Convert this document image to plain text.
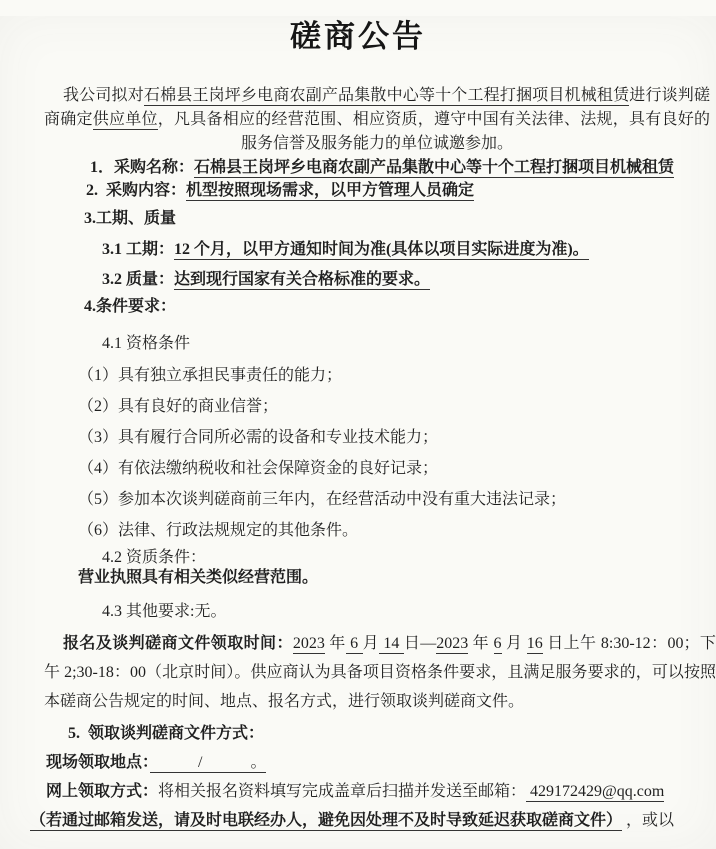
磋商公告

我公司拟对石棉县王岗坪乡电商农副产品集散中心等十个工程打捆项目机械租赁进行谈判磋商确定供应单位，凡具备相应的经营范围、相应资质，遵守中国有关法律、法规，具有良好的服务信誉及服务能力的单位诚邀参加。

1．采购名称：石棉县王岗坪乡电商农副产品集散中心等十个工程打捆项目机械租赁
2. 采购内容：机型按照现场需求，以甲方管理人员确定
3.工期、质量
3.1 工期：12 个月，以甲方通知时间为准(具体以项目实际进度为准)。
3.2 质量：达到现行国家有关合格标准的要求。
4.条件要求：
4.1 资格条件
（1）具有独立承担民事责任的能力；
（2）具有良好的商业信誉；
（3）具有履行合同所必需的设备和专业技术能力；
（4）有依法缴纳税收和社会保障资金的良好记录；
（5）参加本次谈判磋商前三年内，在经营活动中没有重大违法记录；
（6）法律、行政法规规定的其他条件。
4.2 资质条件：
营业执照具有相关类似经营范围。
4.3 其他要求:无。

报名及谈判磋商文件领取时间：2023 年 6 月 14 日—2023 年 6 月 16 日上午 8:30-12：00；下午 2;30-18：00（北京时间）。供应商认为具备项目资格条件要求，且满足服务要求的，可以按照本磋商公告规定的时间、地点、报名方式，进行领取谈判磋商文件。

5. 领取谈判磋商文件方式：
现场领取地点：　　　/　　　。
网上领取方式：将相关报名资料填写完成盖章后扫描并发送至邮箱： 429172429@qq.com
（若通过邮箱发送，请及时电联经办人，避免因处理不及时导致延迟获取磋商文件） ，或以
